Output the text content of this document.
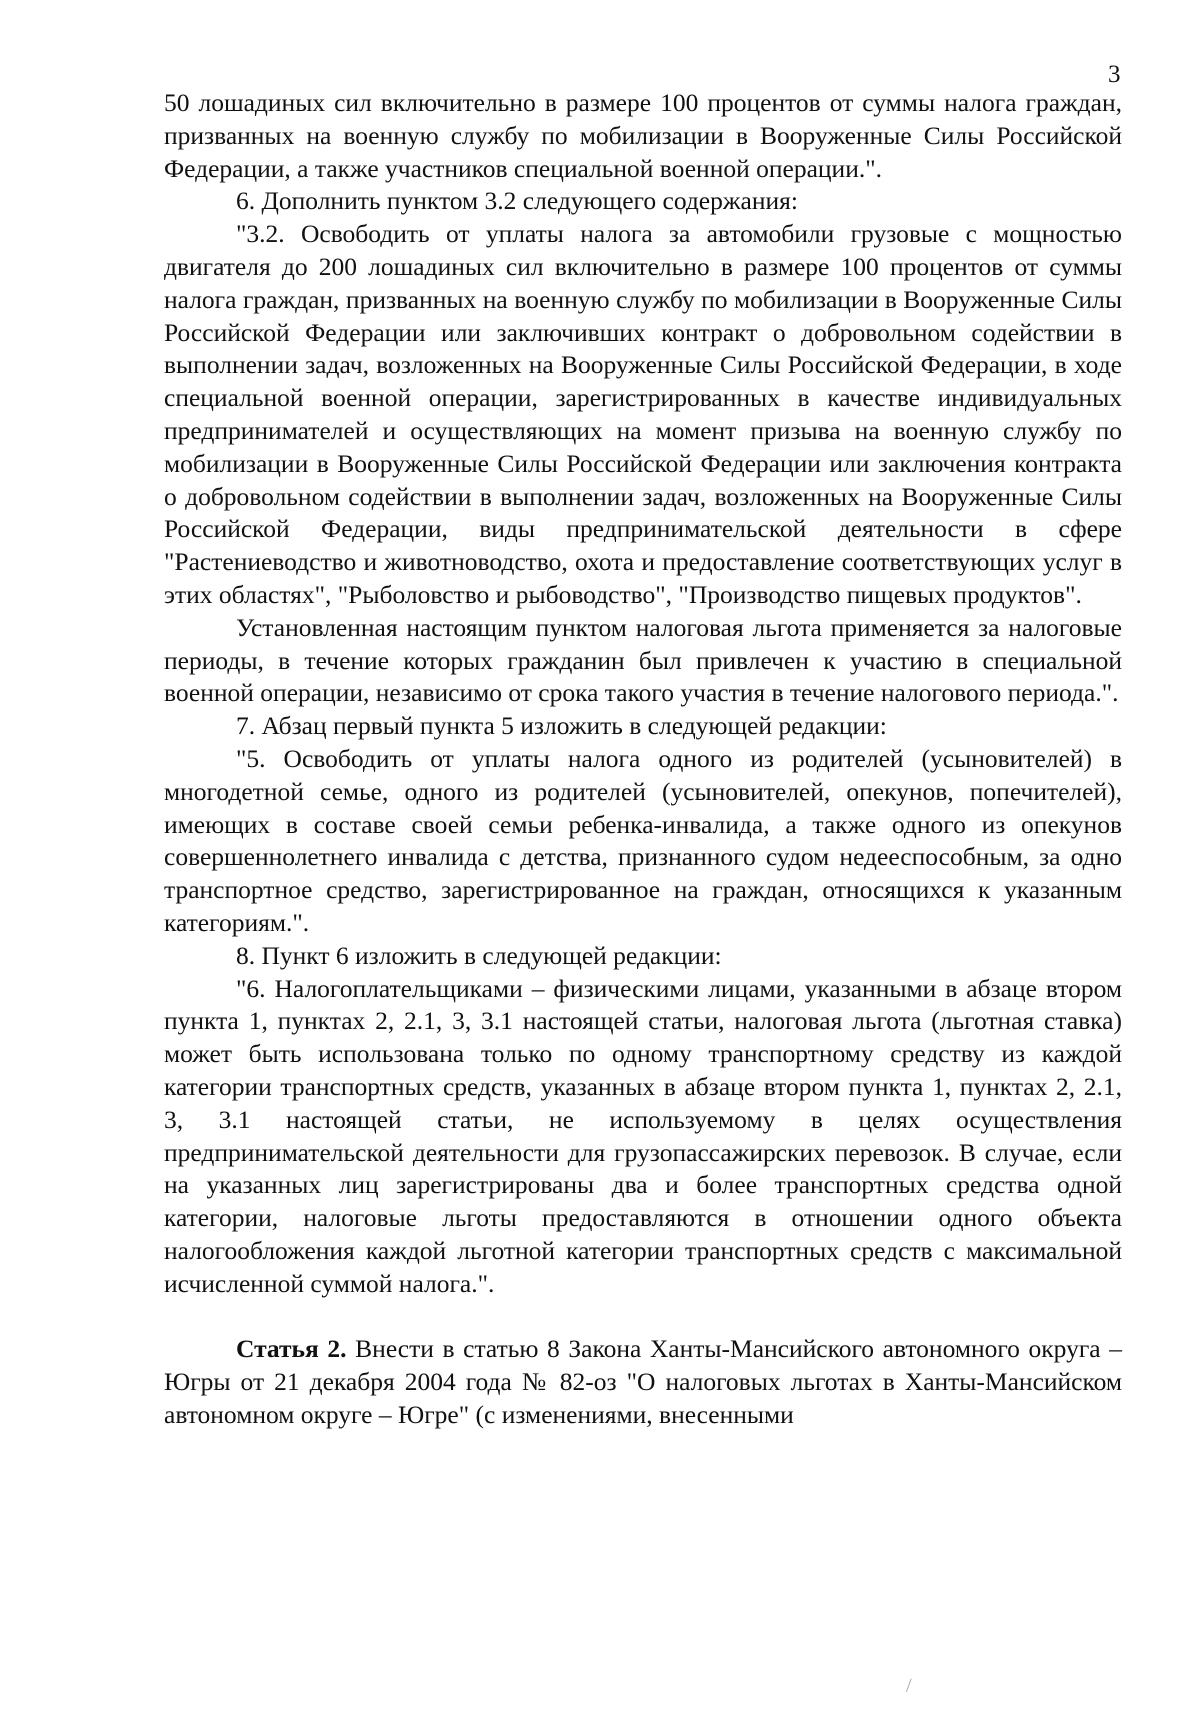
3

50 лошадиных сил включительно в размере 100 процентов от суммы налога граждан, призванных на военную службу по мобилизации в Вооруженные Силы Российской Федерации, а также участников специальной военной операции.".

6. Дополнить пунктом 3.2 следующего содержания:

"3.2. Освободить от уплаты налога за автомобили грузовые с мощностью двигателя до 200 лошадиных сил включительно в размере 100 процентов от суммы налога граждан, призванных на военную службу по мобилизации в Вооруженные Силы Российской Федерации или заключивших контракт о добровольном содействии в выполнении задач, возложенных на Вооруженные Силы Российской Федерации, в ходе специальной военной операции, зарегистрированных в качестве индивидуальных предпринимателей и осуществляющих на момент призыва на военную службу по мобилизации в Вооруженные Силы Российской Федерации или заключения контракта о добровольном содействии в выполнении задач, возложенных на Вооруженные Силы Российской Федерации, виды предпринимательской деятельности в сфере "Растениеводство и животноводство, охота и предоставление соответствующих услуг в этих областях", "Рыболовство и рыбоводство", "Производство пищевых продуктов".

Установленная настоящим пунктом налоговая льгота применяется за налоговые периоды, в течение которых гражданин был привлечен к участию в специальной военной операции, независимо от срока такого участия в течение налогового периода.".

7. Абзац первый пункта 5 изложить в следующей редакции:

"5. Освободить от уплаты налога одного из родителей (усыновителей) в многодетной семье, одного из родителей (усыновителей, опекунов, попечителей), имеющих в составе своей семьи ребенка-инвалида, а также одного из опекунов совершеннолетнего инвалида с детства, признанного судом недееспособным, за одно транспортное средство, зарегистрированное на граждан, относящихся к указанным категориям.".

8. Пункт 6 изложить в следующей редакции:

"6. Налогоплательщиками – физическими лицами, указанными в абзаце втором пункта 1, пунктах 2, 2.1, 3, 3.1 настоящей статьи, налоговая льгота (льготная ставка) может быть использована только по одному транспортному средству из каждой категории транспортных средств, указанных в абзаце втором пункта 1, пунктах 2, 2.1, 3, 3.1 настоящей статьи, не используемому в целях осуществления предпринимательской деятельности для грузопассажирских перевозок. В случае, если на указанных лиц зарегистрированы два и более транспортных средства одной категории, налоговые льготы предоставляются в отношении одного объекта налогообложения каждой льготной категории транспортных средств с максимальной исчисленной суммой налога.".

Статья 2. Внести в статью 8 Закона Ханты-Мансийского автономного округа – Югры от 21 декабря 2004 года № 82-оз "О налоговых льготах в Ханты-Мансийском автономном округе – Югре" (с изменениями, внесенными
